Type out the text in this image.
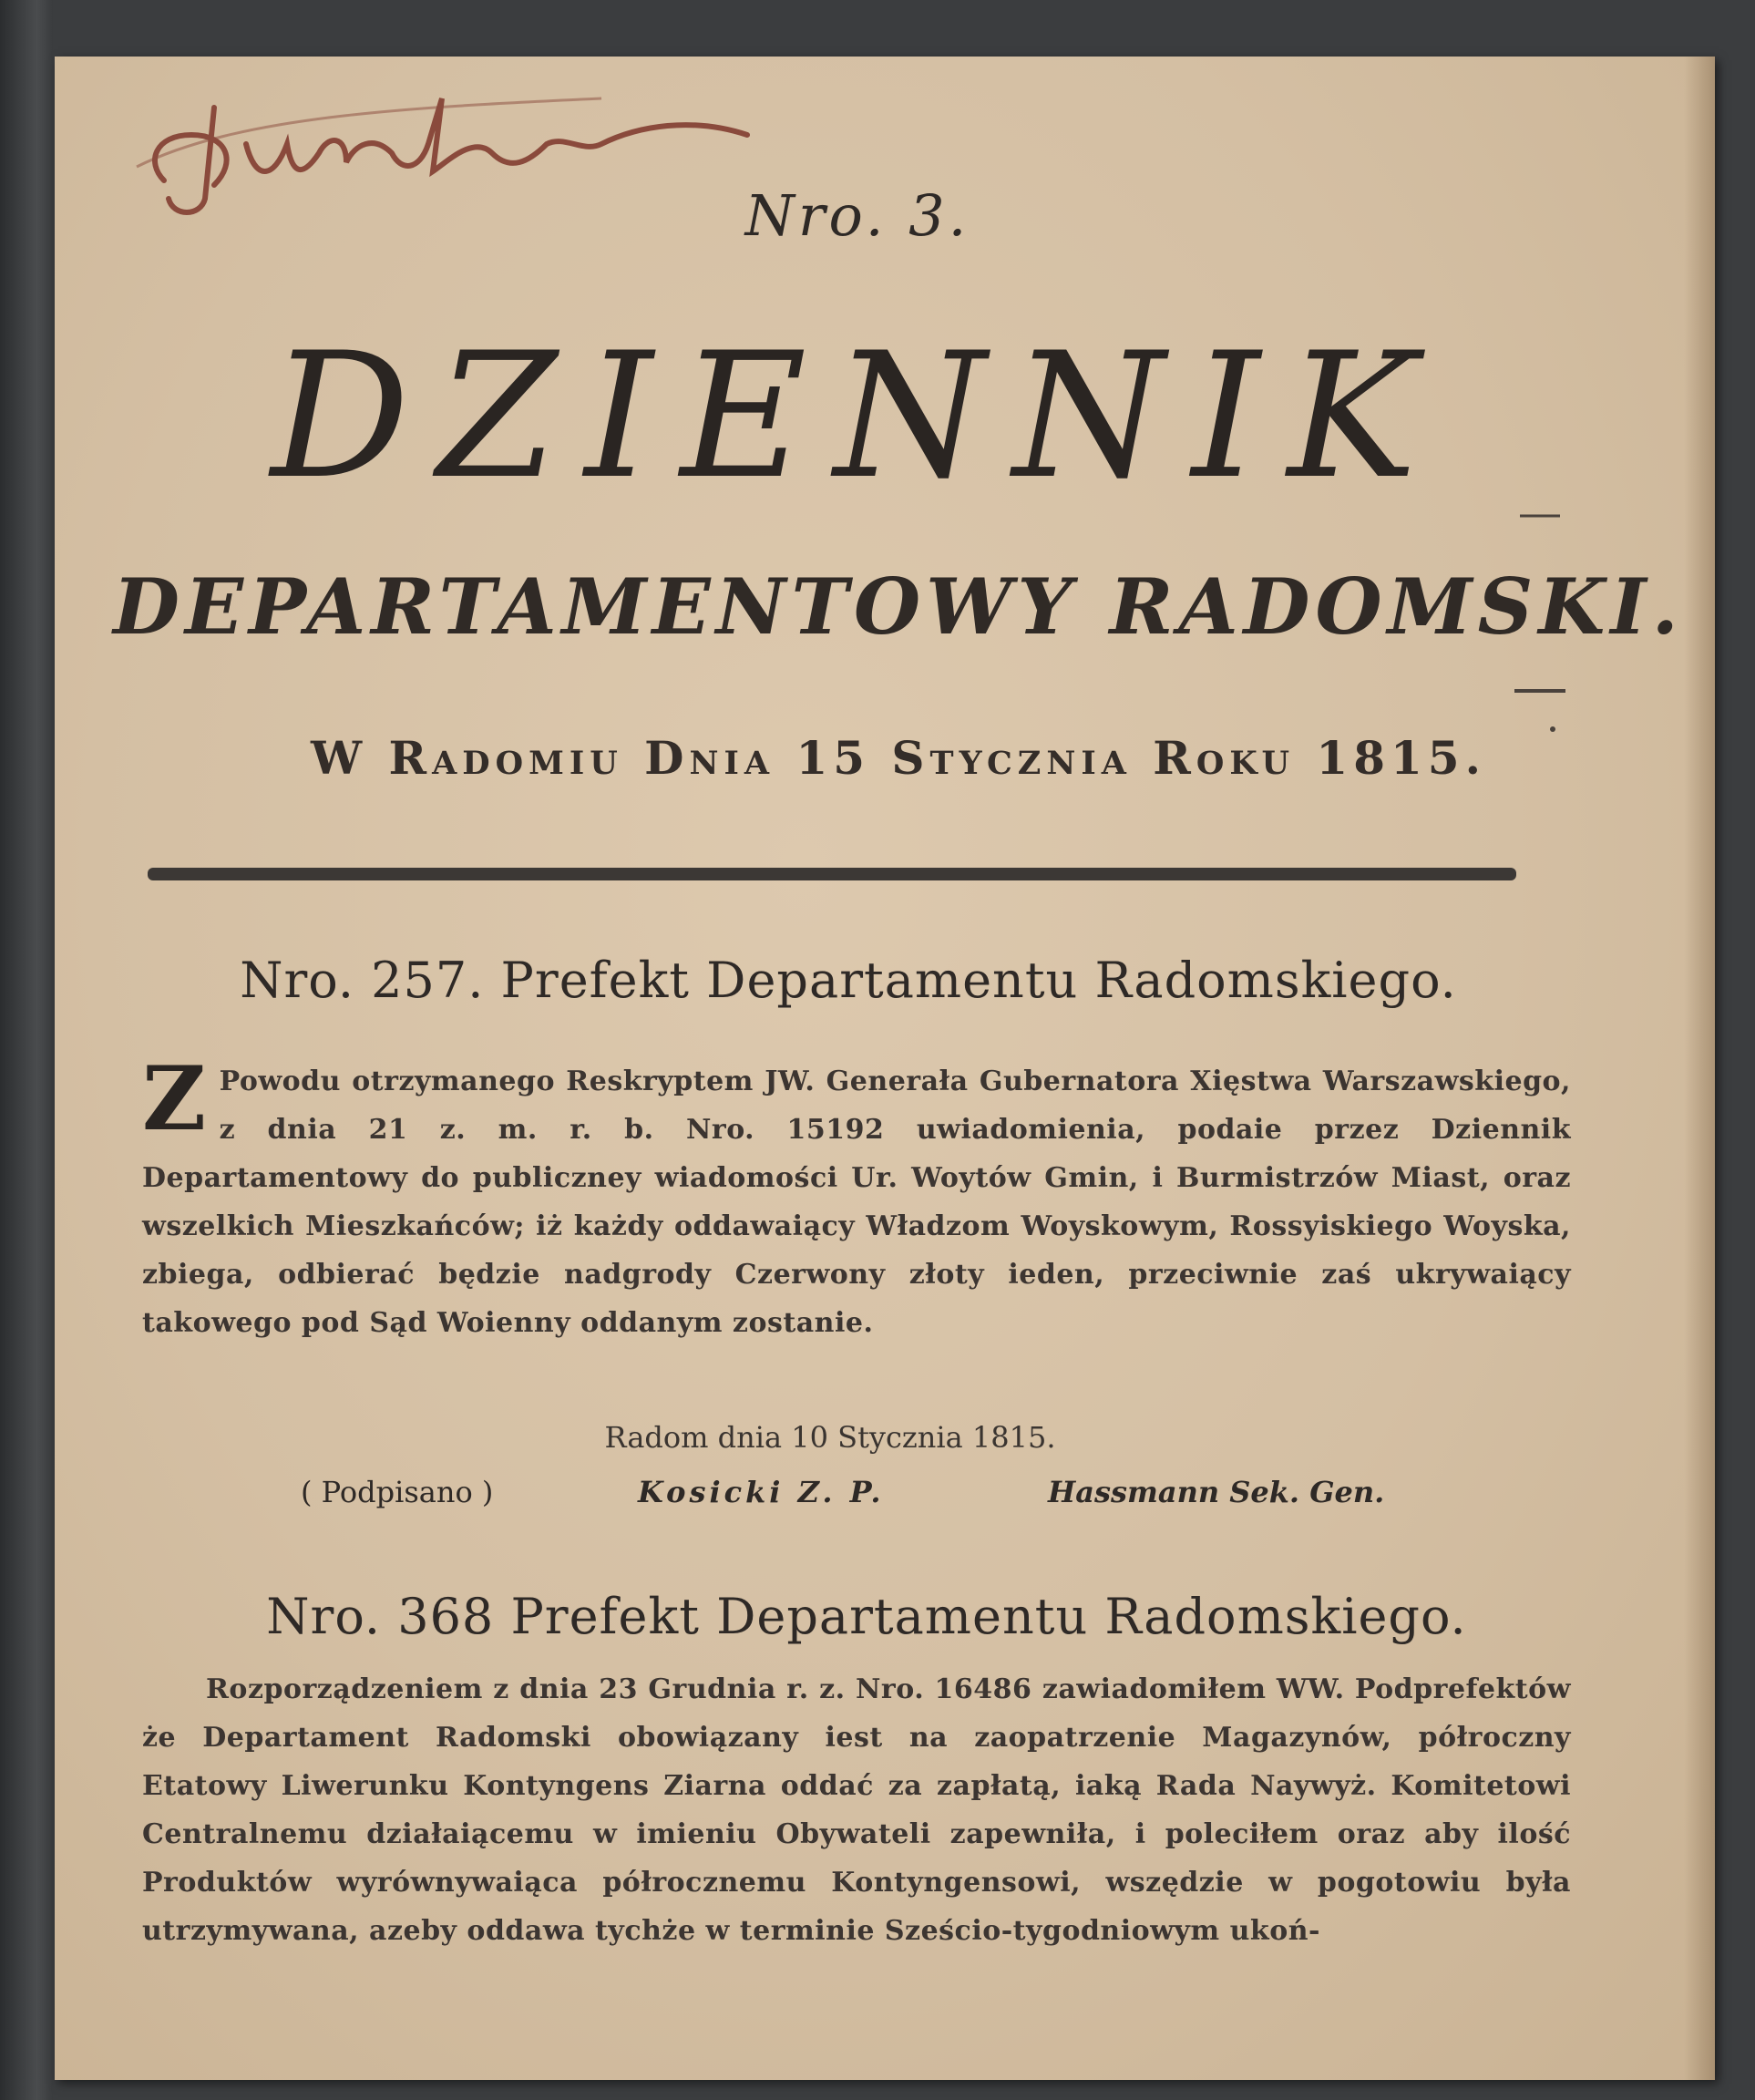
Jurstev
Nro. 3.
DZIENNIK
DEPARTAMENTOWY RADOMSKI.
W Radomiu Dnia 15 Stycznia Roku 1815.
Nro. 257. Prefekt Departamentu Radomskiego.
Z Powodu otrzymanego Reskryptem JW. Generała Gubernatora Xięstwa Warszawskiego, z dnia 21 z. m. r. b. Nro. 15192 uwiadomienia, podaie przez Dziennik Departamentowy do publiczney wiadomości Ur. Woytów Gmin, i Burmistrzów Miast, oraz wszelkich Mieszkańców; iż każdy oddawaiący Władzom Woyskowym, Rossyiskiego Woyska, zbiega, odbierać będzie nadgrody Czerwony złoty ieden, przeciwnie zaś ukrywaiący takowego pod Sąd Woienny oddanym zostanie.
Radom dnia 10 Stycznia 1815.
( Podpisano )	Kosicki Z. P.	Hassmann Sek. Gen.
Nro. 368 Prefekt Departamentu Radomskiego.
Rozporządzeniem z dnia 23 Grudnia r. z. Nro. 16486 zawiadomiłem WW. Podprefektów że Departament Radomski obowiązany iest na zaopatrzenie Magazynów, półroczny Etatowy Liwerunku Kontyngens Ziarna oddać za zapłatą, iaką Rada Naywyż. Komitetowi Centralnemu działaiącemu w imieniu Obywateli zapewniła, i poleciłem oraz aby ilość Produktów wyrównywaiąca półrocznemu Kontyngensowi, wszędzie w pogotowiu była utrzymywana, azeby oddawa tychże w terminie Sześcio-tygodniowym ukoń-
